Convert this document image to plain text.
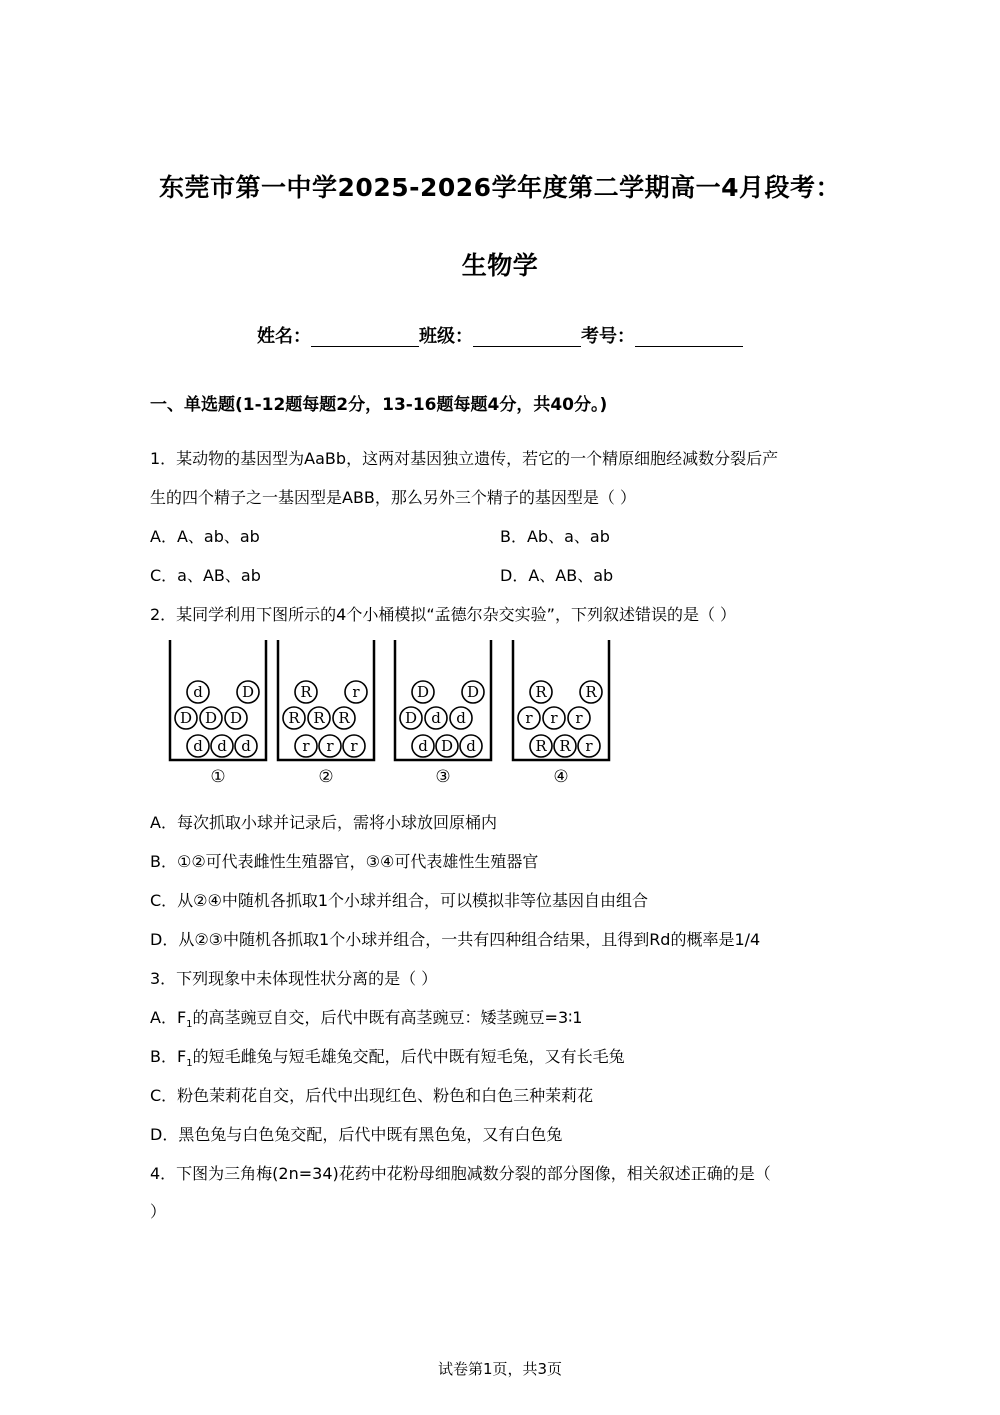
东莞市第一中学2025-2026学年度第二学期高一4月段考：
生物学
姓名：	班级：	考号：
一、单选题(1-12题每题2分，13-16题每题4分，共40分。)
1．某动物的基因型为AaBb，这两对基因独立遗传，若它的一个精原细胞经减数分裂后产
生的四个精子之一基因型是ABB，那么另外三个精子的基因型是（ ）
A．A、ab、ab	B．Ab、a、ab
C．a、AB、ab	D．A、AB、ab
2．某同学利用下图所示的4个小桶模拟“孟德尔杂交实验”，下列叙述错误的是（ ）
d	D
D D D
d d d
①
R	r
R R R
r r r
②
D	D
D d d
d D d
③
R	R
r r r
R R r
④
A．每次抓取小球并记录后，需将小球放回原桶内
B．①②可代表雌性生殖器官，③④可代表雄性生殖器官
C．从②④中随机各抓取1个小球并组合，可以模拟非等位基因自由组合
D．从②③中随机各抓取1个小球并组合，一共有四种组合结果，且得到Rd的概率是1/4
3．下列现象中未体现性状分离的是（ ）
A．$F_1$的高茎豌豆自交，后代中既有高茎豌豆：矮茎豌豆=3∶1
B．$F_1$的短毛雌兔与短毛雄兔交配，后代中既有短毛兔，又有长毛兔
C．粉色茉莉花自交，后代中出现红色、粉色和白色三种茉莉花
D．黑色兔与白色兔交配，后代中既有黑色兔，又有白色兔
4．下图为三角梅(2n=34)花药中花粉母细胞减数分裂的部分图像，相关叙述正确的是（
）
试卷第1页，共3页
